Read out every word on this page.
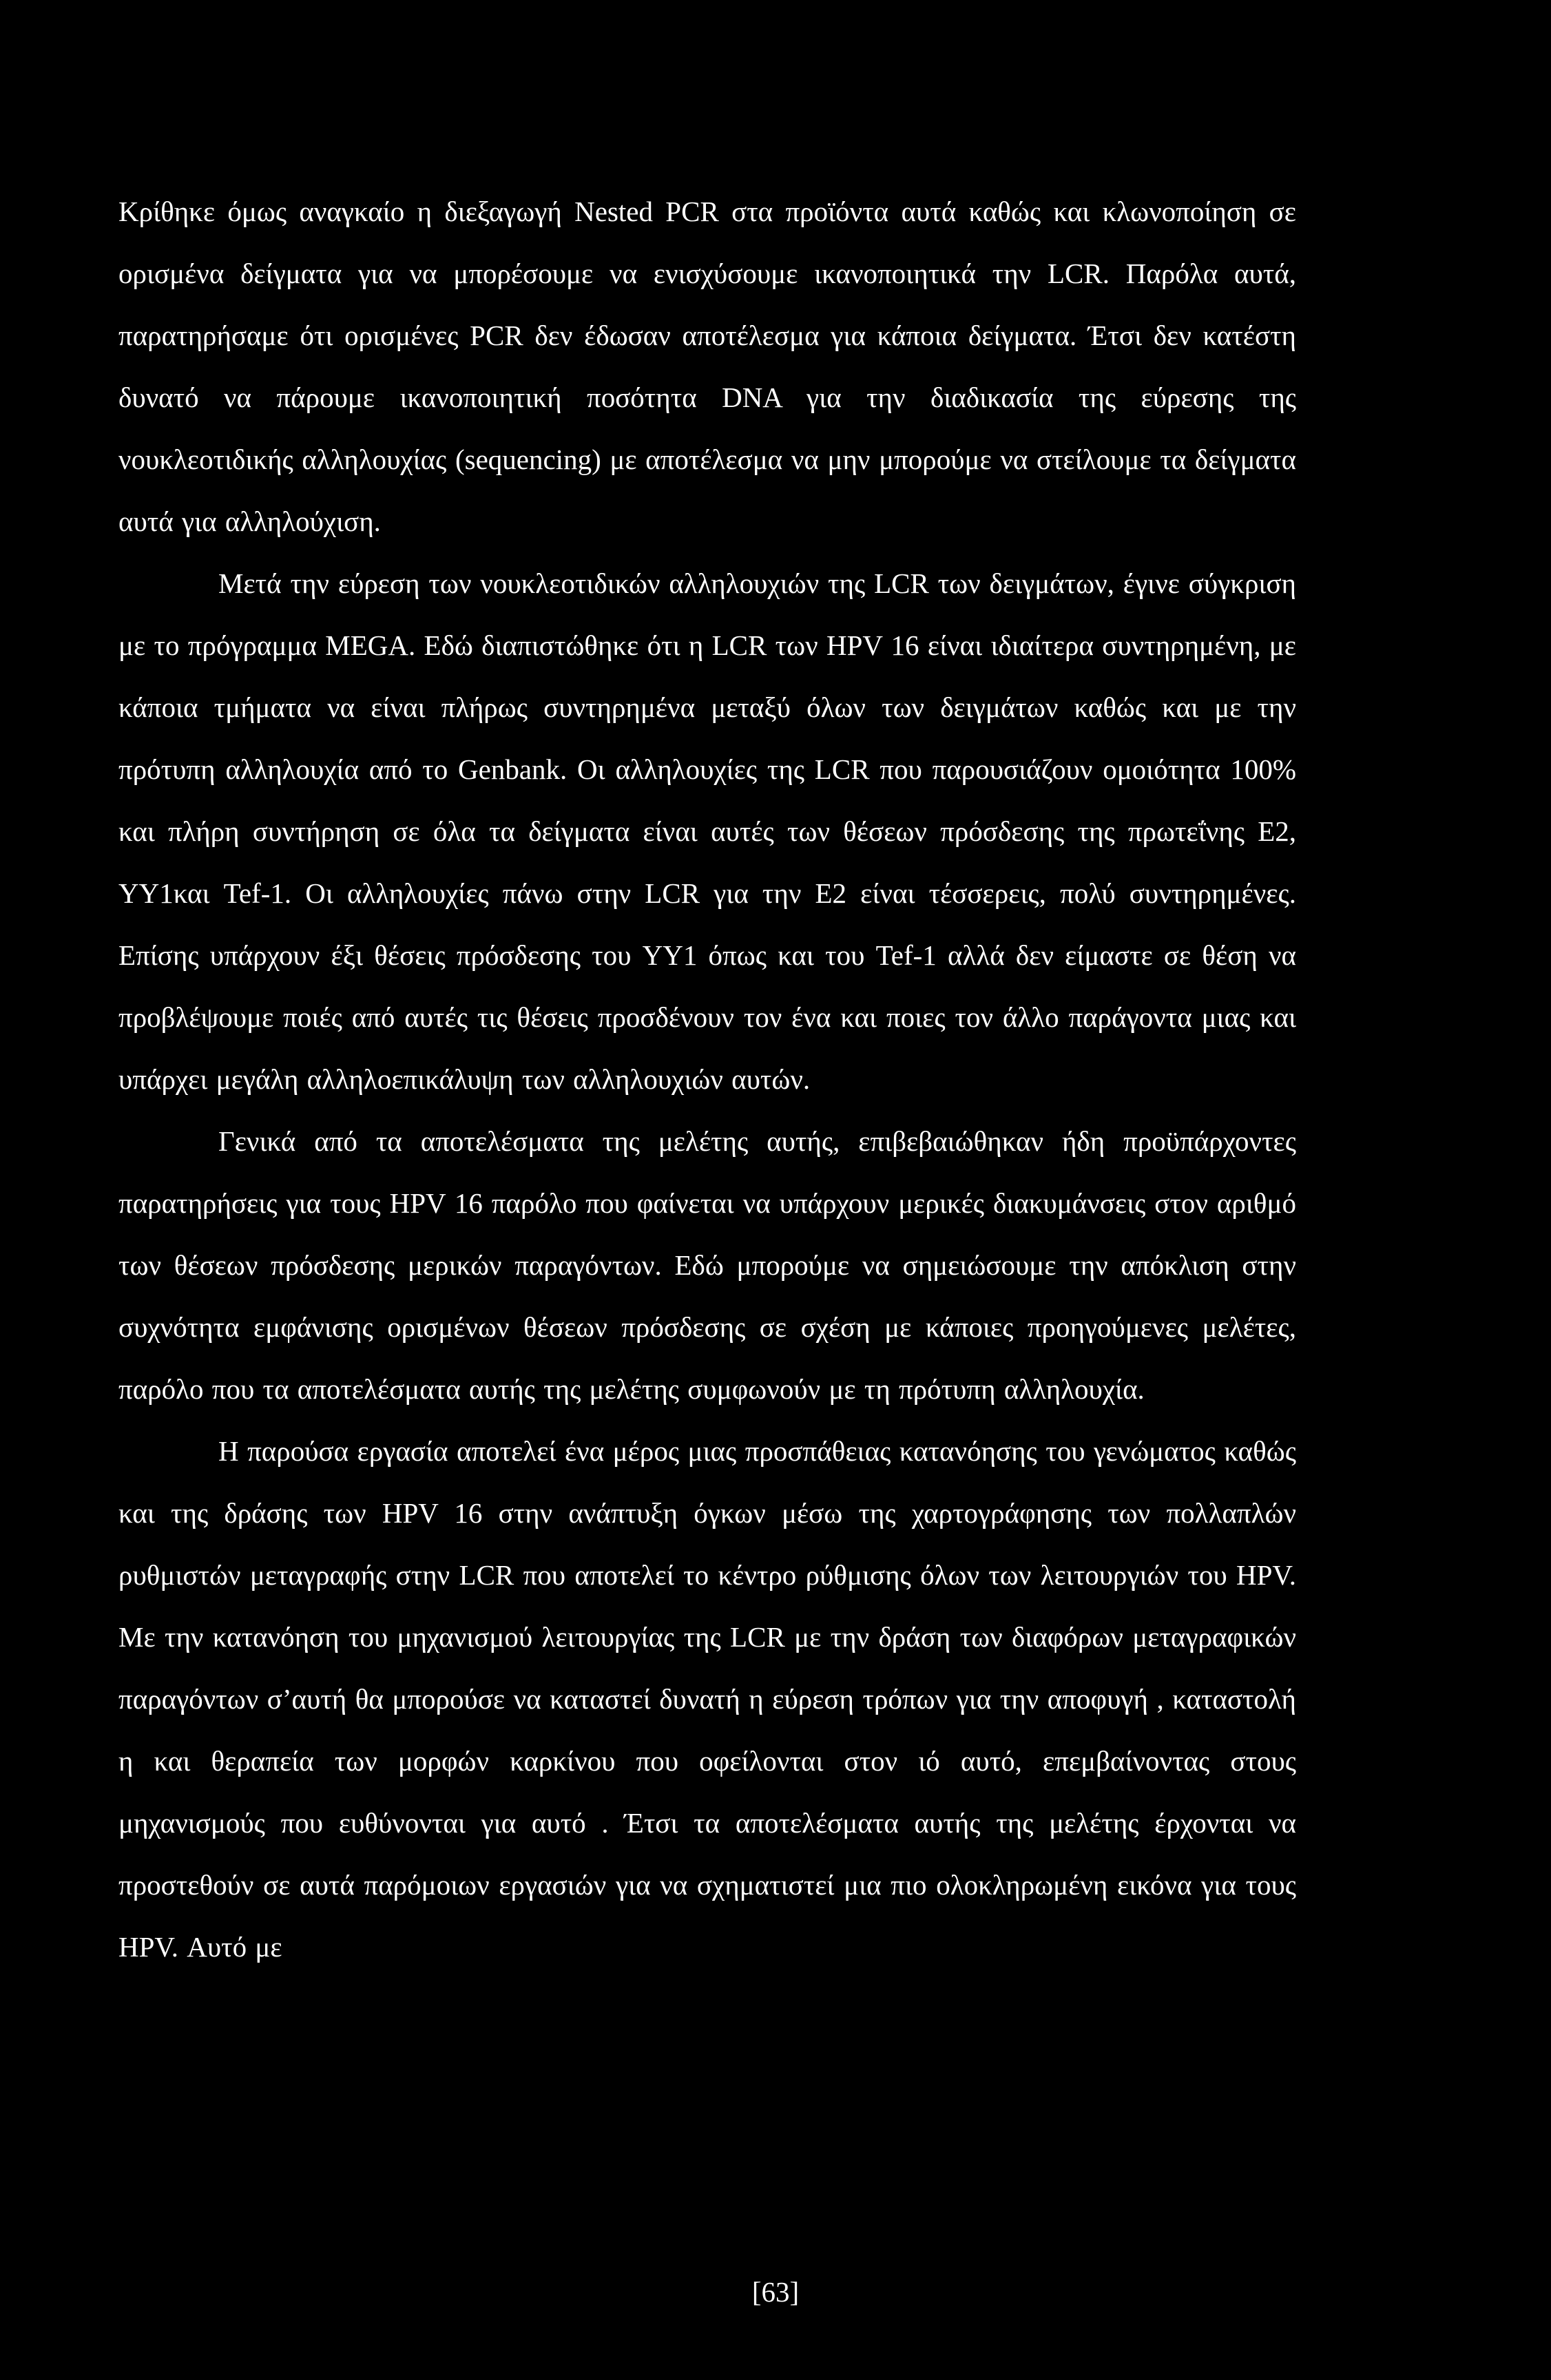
Κρίθηκε όμως αναγκαίο η διεξαγωγή Nested PCR στα προϊόντα αυτά καθώς και κλωνοποίηση σε ορισμένα δείγματα για να μπορέσουμε να ενισχύσουμε ικανοποιητικά την LCR. Παρόλα αυτά, παρατηρήσαμε ότι ορισμένες PCR δεν έδωσαν αποτέλεσμα για κάποια δείγματα. Έτσι δεν κατέστη δυνατό να πάρουμε ικανοποιητική ποσότητα DNA για την διαδικασία της εύρεσης της νουκλεοτιδικής αλληλουχίας (sequencing) με αποτέλεσμα να μην μπορούμε να στείλουμε τα δείγματα αυτά για αλληλούχιση.

Μετά την εύρεση των νουκλεοτιδικών αλληλουχιών της LCR των δειγμάτων, έγινε σύγκριση με το πρόγραμμα MEGA. Εδώ διαπιστώθηκε ότι η LCR των HPV 16 είναι ιδιαίτερα συντηρημένη, με κάποια τμήματα να είναι πλήρως συντηρημένα μεταξύ όλων των δειγμάτων καθώς και με την πρότυπη αλληλουχία από το Genbank. Οι αλληλουχίες της LCR που παρουσιάζουν ομοιότητα 100% και πλήρη συντήρηση σε όλα τα δείγματα είναι αυτές των θέσεων πρόσδεσης της πρωτεΐνης E2, YY1και Tef-1. Οι αλληλουχίες πάνω στην LCR για την E2 είναι τέσσερεις, πολύ συντηρημένες. Επίσης υπάρχουν έξι θέσεις πρόσδεσης του YY1 όπως και του Tef-1 αλλά δεν είμαστε σε θέση να προβλέψουμε ποιές από αυτές τις θέσεις προσδένουν τον ένα και ποιες τον άλλο παράγοντα μιας και υπάρχει μεγάλη αλληλοεπικάλυψη των αλληλουχιών αυτών.

Γενικά από τα αποτελέσματα της μελέτης αυτής, επιβεβαιώθηκαν ήδη προϋπάρχοντες παρατηρήσεις για τους HPV 16 παρόλο που φαίνεται να υπάρχουν μερικές διακυμάνσεις στον αριθμό των θέσεων πρόσδεσης μερικών παραγόντων. Εδώ μπορούμε να σημειώσουμε την απόκλιση στην συχνότητα εμφάνισης ορισμένων θέσεων πρόσδεσης σε σχέση με κάποιες προηγούμενες μελέτες, παρόλο που τα αποτελέσματα αυτής της μελέτης συμφωνούν με τη πρότυπη αλληλουχία.

Η παρούσα εργασία αποτελεί ένα μέρος μιας προσπάθειας κατανόησης του γενώματος καθώς και της δράσης των HPV 16 στην ανάπτυξη όγκων μέσω της χαρτογράφησης των πολλαπλών ρυθμιστών μεταγραφής στην LCR που αποτελεί το κέντρο ρύθμισης όλων των λειτουργιών του HPV. Με την κατανόηση του μηχανισμού λειτουργίας της LCR με την δράση των διαφόρων μεταγραφικών παραγόντων σ’αυτή θα μπορούσε να καταστεί δυνατή η εύρεση τρόπων για την αποφυγή , καταστολή η και θεραπεία των μορφών καρκίνου που οφείλονται στον ιό αυτό, επεμβαίνοντας στους μηχανισμούς που ευθύνονται για αυτό . Έτσι τα αποτελέσματα αυτής της μελέτης έρχονται να προστεθούν σε αυτά παρόμοιων εργασιών για να σχηματιστεί μια πιο ολοκληρωμένη εικόνα για τους HPV. Αυτό με

[63]
